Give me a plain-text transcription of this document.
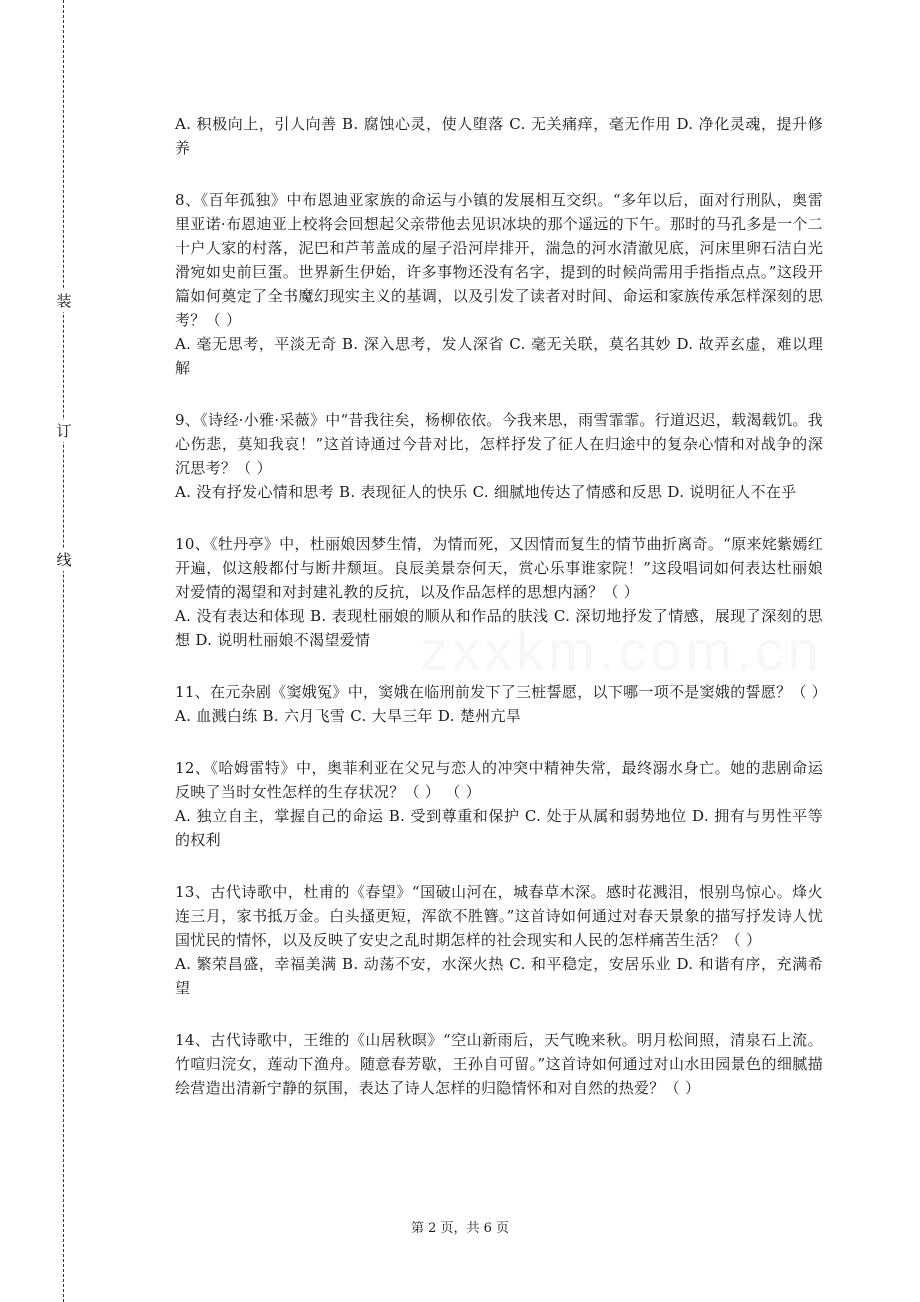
装
订
线
zxxkm.com.cn

A. 积极向上，引人向善 B. 腐蚀心灵，使人堕落 C. 无关痛痒，毫无作用 D. 净化灵魂，提升修养

8、《百年孤独》中布恩迪亚家族的命运与小镇的发展相互交织。“多年以后，面对行刑队，奥雷里亚诺·布恩迪亚上校将会回想起父亲带他去见识冰块的那个遥远的下午。那时的马孔多是一个二十户人家的村落，泥巴和芦苇盖成的屋子沿河岸排开，湍急的河水清澈见底，河床里卵石洁白光滑宛如史前巨蛋。世界新生伊始，许多事物还没有名字，提到的时候尚需用手指指点点。”这段开篇如何奠定了全书魔幻现实主义的基调，以及引发了读者对时间、命运和家族传承怎样深刻的思考？（ ）

A. 毫无思考，平淡无奇 B. 深入思考，发人深省 C. 毫无关联，莫名其妙 D. 故弄玄虚，难以理解

9、《诗经·小雅·采薇》中“昔我往矣，杨柳依依。今我来思，雨雪霏霏。行道迟迟，载渴载饥。我心伤悲，莫知我哀！”这首诗通过今昔对比，怎样抒发了征人在归途中的复杂心情和对战争的深沉思考？（ ）

A. 没有抒发心情和思考 B. 表现征人的快乐 C. 细腻地传达了情感和反思 D. 说明征人不在乎

10、《牡丹亭》中，杜丽娘因梦生情，为情而死，又因情而复生的情节曲折离奇。“原来姹紫嫣红开遍，似这般都付与断井颓垣。良辰美景奈何天，赏心乐事谁家院！”这段唱词如何表达杜丽娘对爱情的渴望和对封建礼教的反抗，以及作品怎样的思想内涵？（ ）

A. 没有表达和体现 B. 表现杜丽娘的顺从和作品的肤浅 C. 深切地抒发了情感，展现了深刻的思想 D. 说明杜丽娘不渴望爱情

11、在元杂剧《窦娥冤》中，窦娥在临刑前发下了三桩誓愿，以下哪一项不是窦娥的誓愿？（ ）

A. 血溅白练 B. 六月飞雪 C. 大旱三年 D. 楚州亢旱

12、《哈姆雷特》中，奥菲利亚在父兄与恋人的冲突中精神失常，最终溺水身亡。她的悲剧命运反映了当时女性怎样的生存状况？（ ） （ ）

A. 独立自主，掌握自己的命运 B. 受到尊重和保护 C. 处于从属和弱势地位 D. 拥有与男性平等的权利

13、古代诗歌中，杜甫的《春望》“国破山河在，城春草木深。感时花溅泪，恨别鸟惊心。烽火连三月，家书抵万金。白头搔更短，浑欲不胜簪。”这首诗如何通过对春天景象的描写抒发诗人忧国忧民的情怀，以及反映了安史之乱时期怎样的社会现实和人民的怎样痛苦生活？（ ）

A. 繁荣昌盛，幸福美满 B. 动荡不安，水深火热 C. 和平稳定，安居乐业 D. 和谐有序，充满希望

14、古代诗歌中，王维的《山居秋暝》“空山新雨后，天气晚来秋。明月松间照，清泉石上流。竹喧归浣女，莲动下渔舟。随意春芳歇，王孙自可留。”这首诗如何通过对山水田园景色的细腻描绘营造出清新宁静的氛围，表达了诗人怎样的归隐情怀和对自然的热爱？（ ）

第 2 页，共 6 页
